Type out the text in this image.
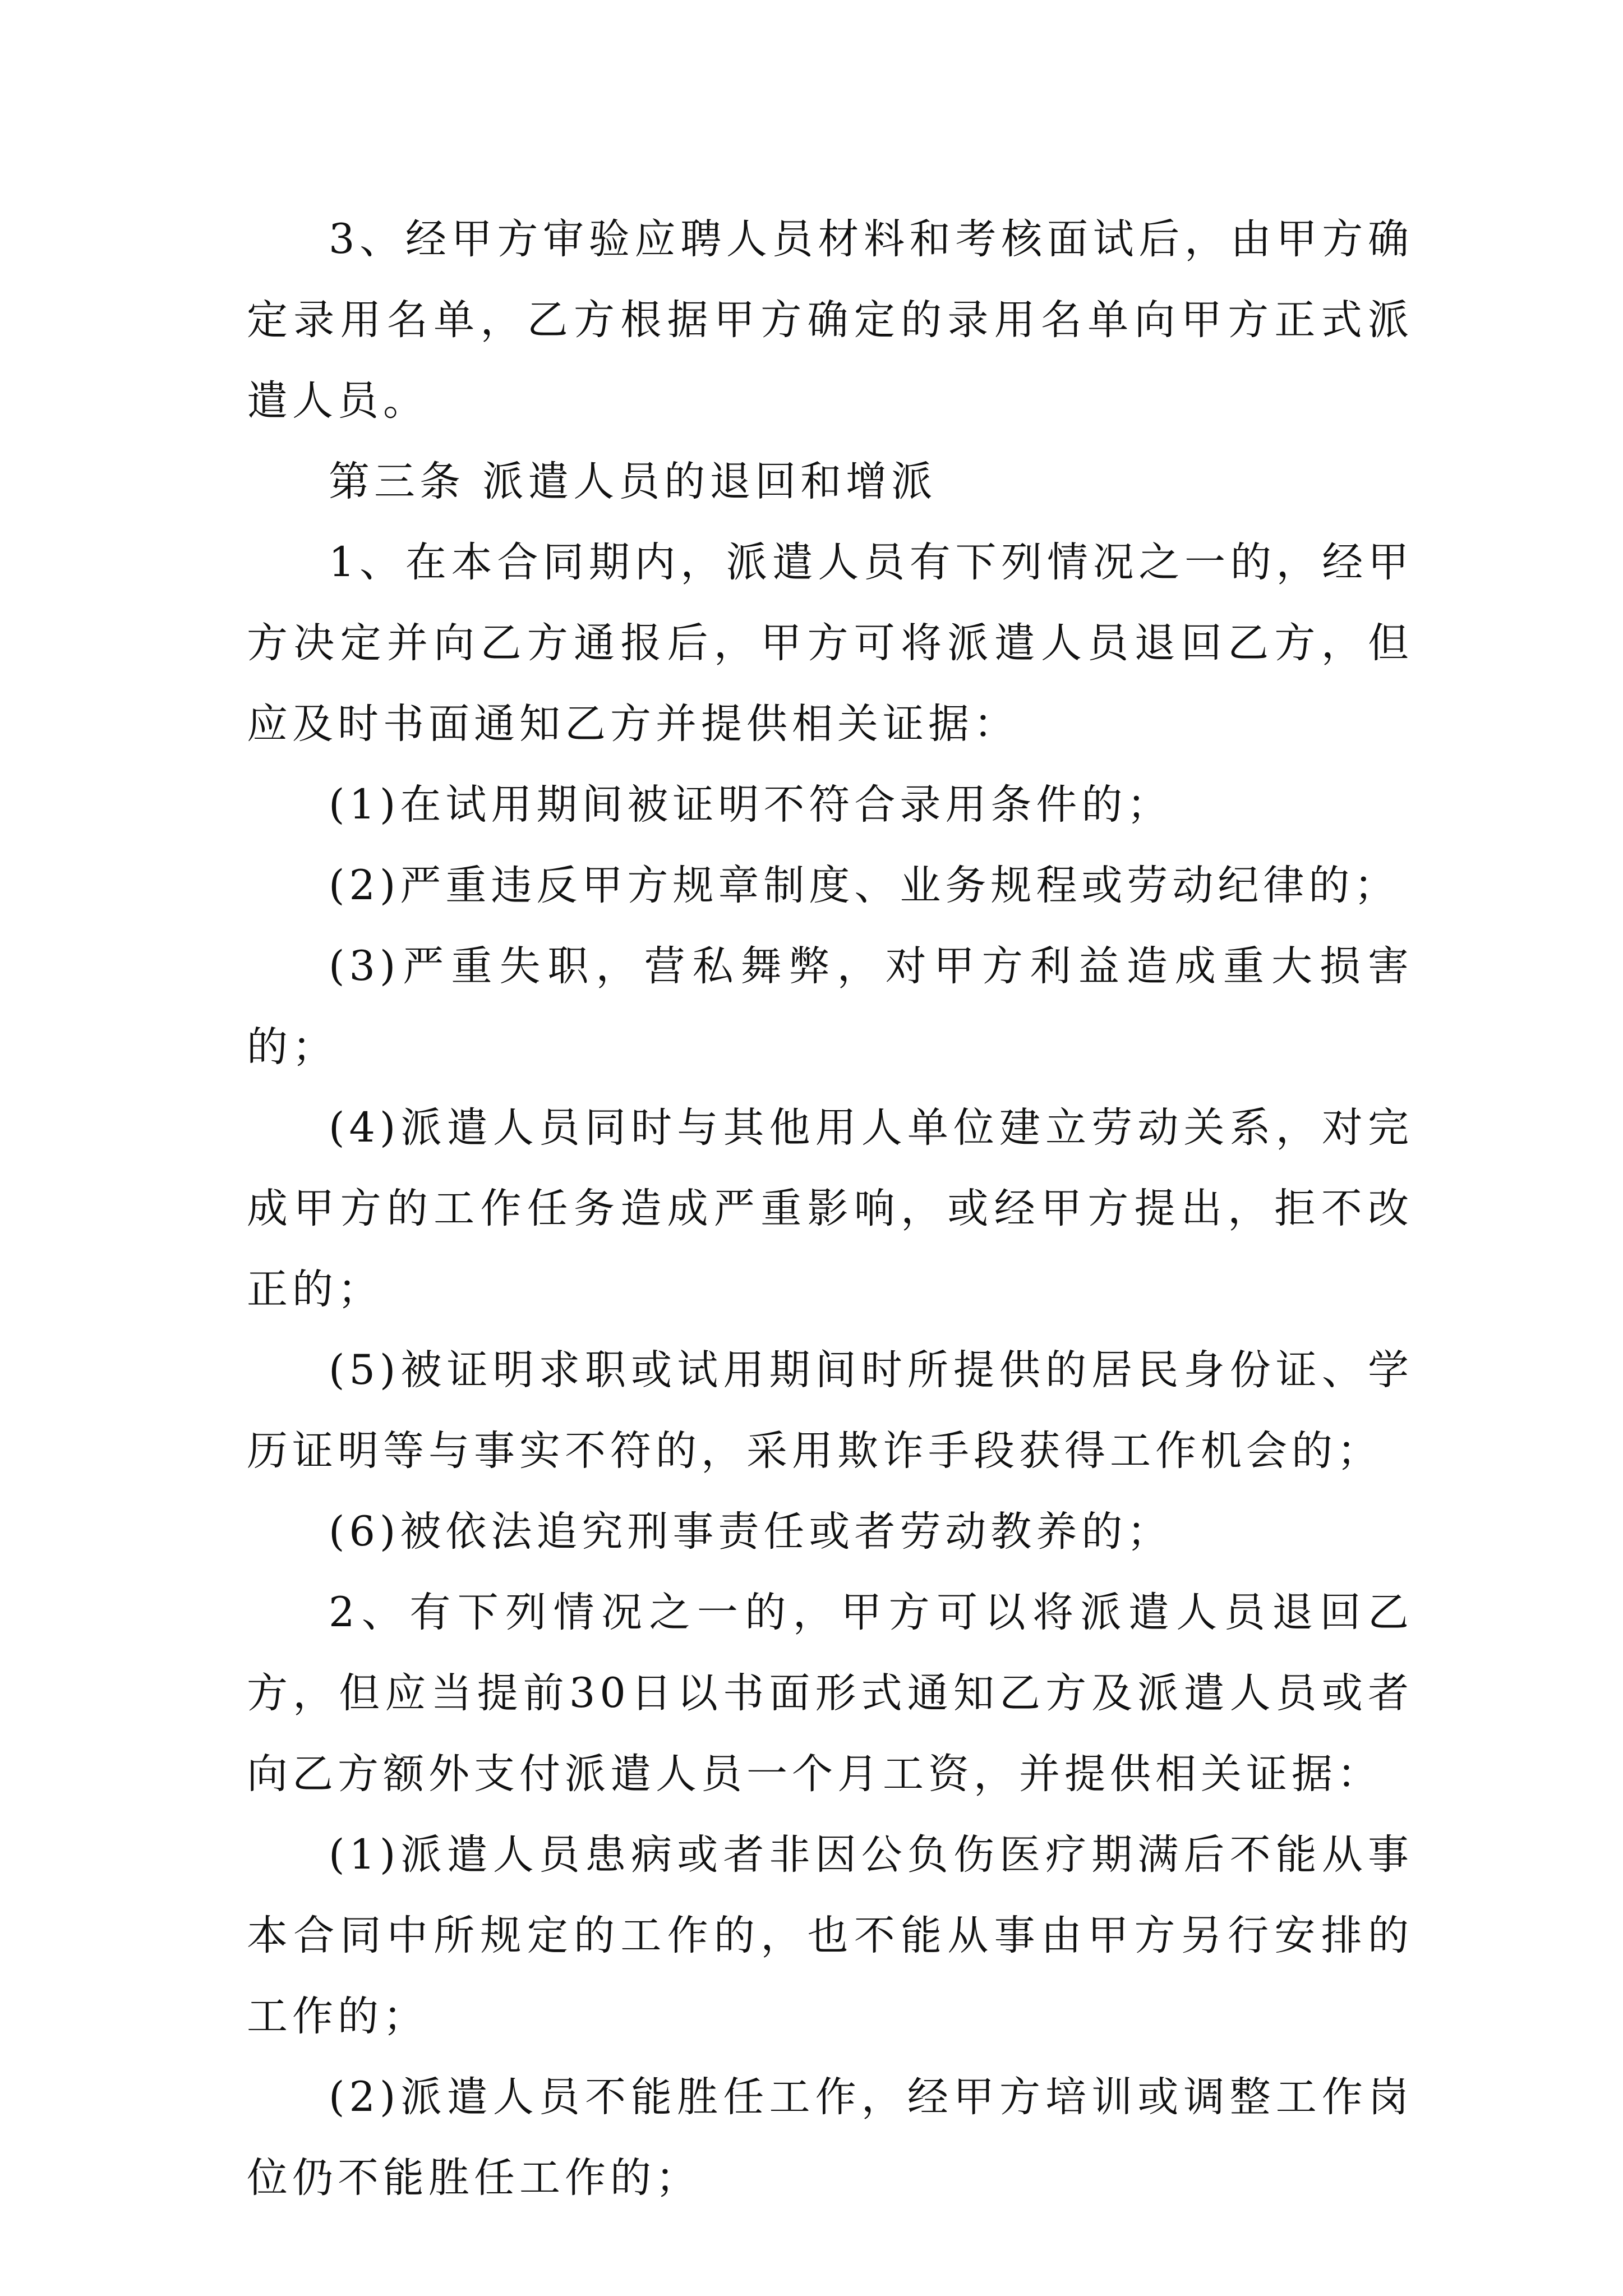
3、经甲方审验应聘人员材料和考核面试后，由甲方确定录用名单，乙方根据甲方确定的录用名单向甲方正式派遣人员。

第三条 派遣人员的退回和增派

1、在本合同期内，派遣人员有下列情况之一的，经甲方决定并向乙方通报后，甲方可将派遣人员退回乙方，但应及时书面通知乙方并提供相关证据：

(1)在试用期间被证明不符合录用条件的；

(2)严重违反甲方规章制度、业务规程或劳动纪律的；

(3)严重失职，营私舞弊，对甲方利益造成重大损害的；

(4)派遣人员同时与其他用人单位建立劳动关系，对完成甲方的工作任务造成严重影响，或经甲方提出，拒不改正的；

(5)被证明求职或试用期间时所提供的居民身份证、学历证明等与事实不符的，采用欺诈手段获得工作机会的；

(6)被依法追究刑事责任或者劳动教养的；

2、有下列情况之一的，甲方可以将派遣人员退回乙方，但应当提前30日以书面形式通知乙方及派遣人员或者向乙方额外支付派遣人员一个月工资，并提供相关证据：

(1)派遣人员患病或者非因公负伤医疗期满后不能从事本合同中所规定的工作的，也不能从事由甲方另行安排的工作的；

(2)派遣人员不能胜任工作，经甲方培训或调整工作岗位仍不能胜任工作的；
